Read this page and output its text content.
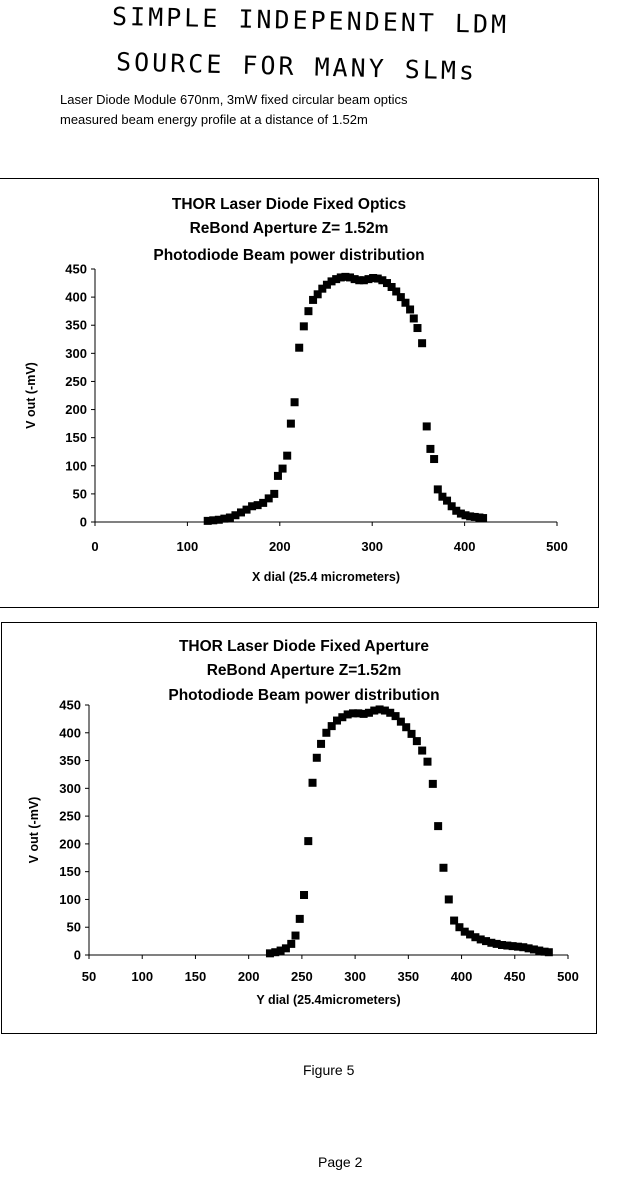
SIMPLE INDEPENDENT LDM
SOURCE FOR MANY SLMs
Laser Diode Module 670nm, 3mW fixed circular beam optics
measured beam energy profile at a distance of 1.52m
THOR Laser Diode Fixed Optics
ReBond Aperture Z= 1.52m
Photodiode Beam power distribution
0
50
100
150
200
250
300
350
400
450
0	100	200	300	400	500
X dial (25.4 micrometers)
V out (-mV)
THOR Laser Diode Fixed Aperture
ReBond Aperture Z=1.52m
Photodiode Beam power distribution
0
50
100
150
200
250
300
350
400
450
50	100 150 200 250 300 350 400 450 500
Y dial (25.4micrometers)
V out (-mV)
Figure 5
Page 2
